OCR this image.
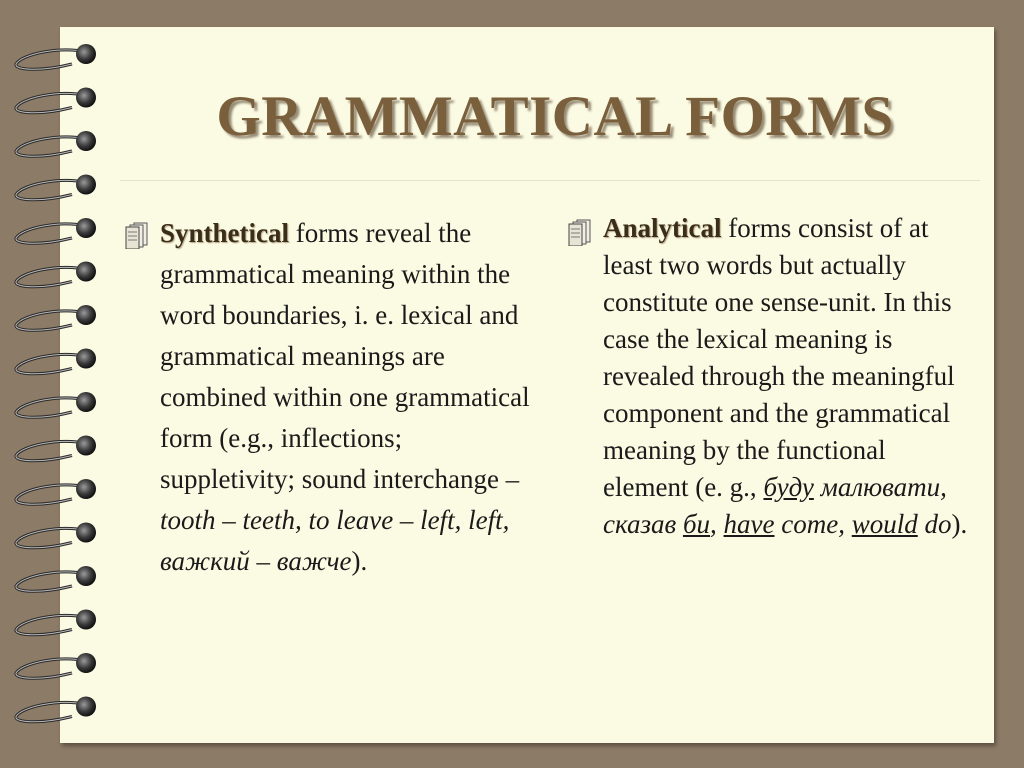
GRAMMATICAL FORMS
Synthetical forms reveal the grammatical meaning within the word boundaries, i. e. lexical and grammatical meanings are combined within one grammatical form (e.g., inflections; suppletivity; sound interchange – tooth – teeth, to leave – left, left, важкий – важче).
Analytical forms consist of at least two words but actually constitute one sense-unit. In this case the lexical meaning is revealed through the meaningful component and the grammatical meaning by the functional element (e. g., буду малювати, сказав би, have come, would do).
